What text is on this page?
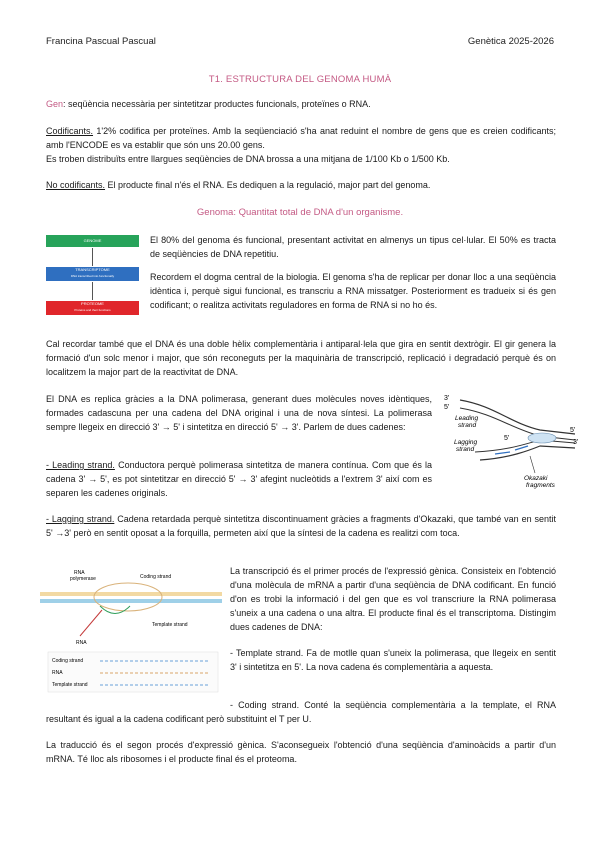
Francina Pascual Pascual	Genètica 2025-2026
T1. ESTRUCTURA DEL GENOMA HUMÀ
Gen: seqüència necessària per sintetitzar productes funcionals, proteïnes o RNA.
Codificants. 1'2% codifica per proteïnes. Amb la seqüenciació s'ha anat reduint el nombre de gens que es creien codificants; amb l'ENCODE es va establir que són uns 20.00 gens.
Es troben distribuïts entre llargues seqüències de DNA brossa a una mitjana de 1/100 Kb o 1/500 Kb.
No codificants. El producte final n'és el RNA. Es dediquen a la regulació, major part del genoma.
Genoma: Quantitat total de DNA d'un organisme.
GENOME
TRANSCRIPTOME
DNA transcribed into functionally
PROTEOME
Proteins and their functions
El 80% del genoma és funcional, presentant activitat en almenys un tipus cel·lular. El 50% es tracta de seqüències de DNA repetitiu.
Recordem el dogma central de la biologia. El genoma s'ha de replicar per donar lloc a una seqüència idèntica i, perquè sigui funcional, es transcriu a RNA missatger. Posteriorment es tradueix si és gen codificant; o realitza activitats reguladores en forma de RNA si no ho és.
Cal recordar també que el DNA és una doble hèlix complementària i antiparal·lela que gira en sentit dextrògir. El gir genera la formació d'un solc menor i major, que són reconeguts per la maquinària de transcripció, replicació i degradació perquè és on localitzem la major part de la reactivitat de DNA.
El DNA es replica gràcies a la DNA polimerasa, generant dues molècules noves idèntiques, formades cadascuna per una cadena del DNA original i una de nova síntesi. La polimerasa sempre llegeix en direcció 3' → 5' i sintetitza en direcció 5' → 3'. Parlem de dues cadenes:
- Leading strand. Conductora perquè polimerasa sintetitza de manera contínua. Com que és la cadena 3' → 5', es pot sintetitzar en direcció 5' → 3' afegint nucleòtids a l'extrem 3' així com es separen les cadenes originals.
3'
5'
Leading strand
Lagging strand
5'
5'
3'
Okazaki fragments
- Lagging strand. Cadena retardada perquè sintetitza discontinuament gràcies a fragments d'Okazaki, que també van en sentit 5' →3' però en sentit oposat a la forquilla, permeten així que la síntesi de la cadena es realitzi com toca.
RNA polymerase	Coding strand
Template strand
RNA
Coding strand
RNA
Template strand
La transcripció és el primer procés de l'expressió gènica. Consisteix en l'obtenció d'una molècula de mRNA a partir d'una seqüència de DNA codificant. En funció d'on es trobi la informació i del gen que es vol transcriure la RNA polimerasa s'uneix a una cadena o una altra. El producte final és el transcriptoma. Distingim dues cadenes de DNA:
- Template strand. Fa de motlle quan s'uneix la polimerasa, que llegeix en sentit 3' i sintetitza en 5'. La nova cadena és complementària a aquesta.
- Coding strand. Conté la seqüència complementària a la template, el RNA resultant és igual a la cadena codificant però substituint el T per U.
La traducció és el segon procés d'expressió gènica. S'aconsegueix l'obtenció d'una seqüència d'aminoàcids a partir d'un mRNA. Té lloc als ribosomes i el producte final és el proteoma.
